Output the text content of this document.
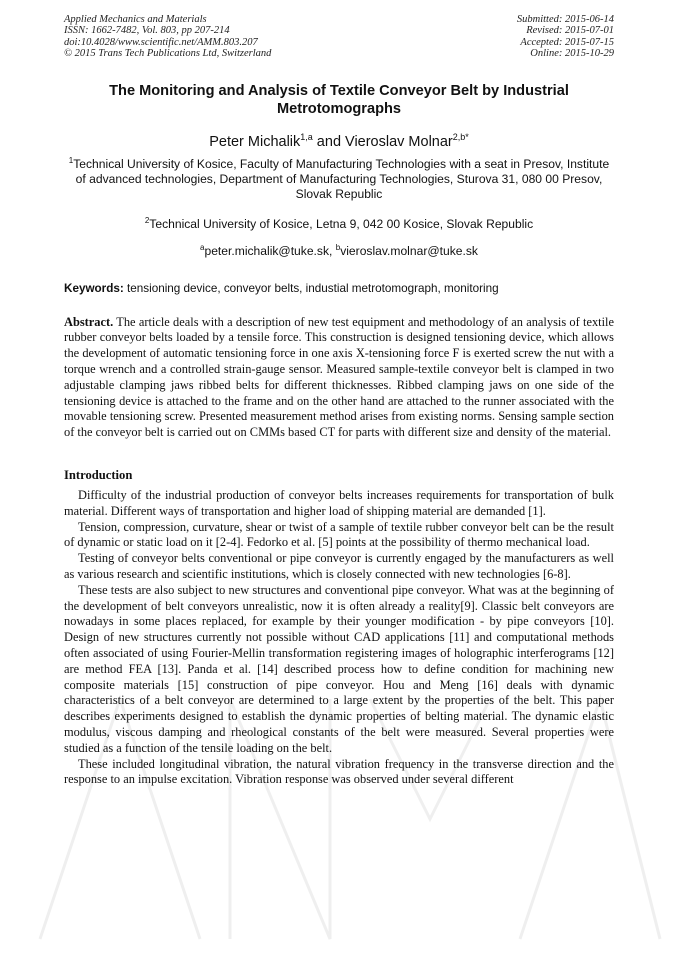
Applied Mechanics and Materials
ISSN: 1662-7482, Vol. 803, pp 207-214
doi:10.4028/www.scientific.net/AMM.803.207
© 2015 Trans Tech Publications Ltd, Switzerland
Submitted: 2015-06-14
Revised: 2015-07-01
Accepted: 2015-07-15
Online: 2015-10-29
The Monitoring and Analysis of Textile Conveyor Belt by Industrial Metrotomographs
Peter Michalik$^{1,a}$ and Vieroslav Molnar$^{2,b*}$
$^1$Technical University of Kosice, Faculty of Manufacturing Technologies with a seat in Presov, Institute of advanced technologies, Department of Manufacturing Technologies, Sturova 31, 080 00 Presov, Slovak Republic
$^2$Technical University of Kosice, Letna 9, 042 00 Kosice, Slovak Republic
$^a$peter.michalik@tuke.sk, $^b$vieroslav.molnar@tuke.sk
Keywords: tensioning device, conveyor belts, industial metrotomograph, monitoring
Abstract. The article deals with a description of new test equipment and methodology of an analysis of textile rubber conveyor belts loaded by a tensile force. This construction is designed tensioning device, which allows the development of automatic tensioning force in one axis X-tensioning force F is exerted screw the nut with a torque wrench and a controlled strain-gauge sensor. Measured sample-textile conveyor belt is clamped in two adjustable clamping jaws ribbed belts for different thicknesses. Ribbed clamping jaws on one side of the tensioning device is attached to the frame and on the other hand are attached to the runner associated with the movable tensioning screw. Presented measurement method arises from existing norms. Sensing sample section of the conveyor belt is carried out on CMMs based CT for parts with different size and density of the material.
Introduction

Difficulty of the industrial production of conveyor belts increases requirements for transportation of bulk material. Different ways of transportation and higher load of shipping material are demanded [1].

Tension, compression, curvature, shear or twist of a sample of textile rubber conveyor belt can be the result of dynamic or static load on it [2-4]. Fedorko et al. [5] points at the possibility of thermo mechanical load.

Testing of conveyor belts conventional or pipe conveyor is currently engaged by the manufacturers as well as various research and scientific institutions, which is closely connected with new technologies [6-8].

These tests are also subject to new structures and conventional pipe conveyor. What was at the beginning of the development of belt conveyors unrealistic, now it is often already a reality[9]. Classic belt conveyors are nowadays in some places replaced, for example by their younger modification - by pipe conveyors [10]. Design of new structures currently not possible without CAD applications [11] and computational methods often associated of using Fourier-Mellin transformation registering images of holographic interferograms [12] are method FEA [13]. Panda et al. [14] described process how to define condition for machining new composite materials [15] construction of pipe conveyor. Hou and Meng [16] deals with dynamic characteristics of a belt conveyor are determined to a large extent by the properties of the belt. This paper describes experiments designed to establish the dynamic properties of belting material. The dynamic elastic modulus, viscous damping and rheological constants of the belt were measured. Several properties were studied as a function of the tensile loading on the belt.

These included longitudinal vibration, the natural vibration frequency in the transverse direction and the response to an impulse excitation. Vibration response was observed under several different
